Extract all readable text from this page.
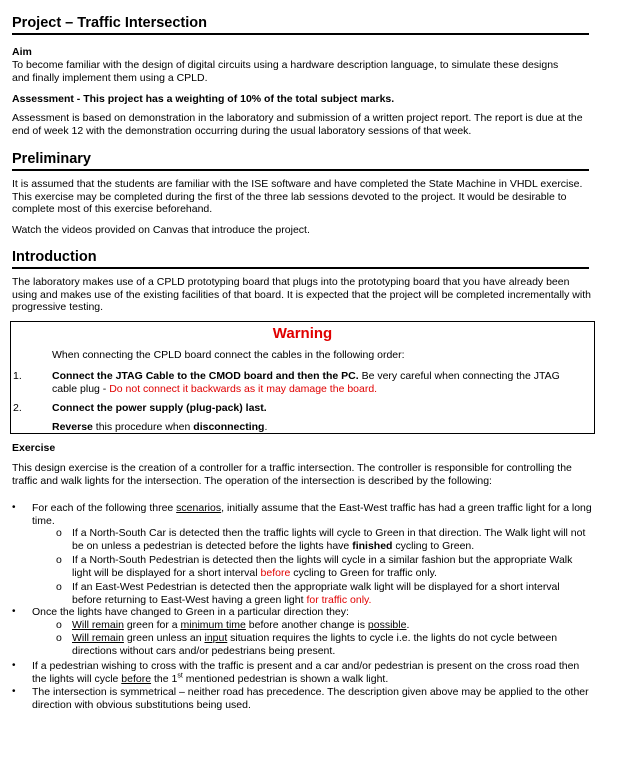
Project – Traffic Intersection
Aim
To become familiar with the design of digital circuits using a hardware description language, to simulate these designs and finally implement them using a CPLD.
Assessment - This project has a weighting of 10% of the total subject marks.
Assessment is based on demonstration in the laboratory and submission of a written project report. The report is due at the end of week 12 with the demonstration occurring during the usual laboratory sessions of that week.
Preliminary
It is assumed that the students are familiar with the ISE software and have completed the State Machine in VHDL exercise. This exercise may be completed during the first of the three lab sessions devoted to the project. It would be desirable to complete most of this exercise beforehand.
Watch the videos provided on Canvas that introduce the project.
Introduction
The laboratory makes use of a CPLD prototyping board that plugs into the prototyping board that you have already been using and makes use of the existing facilities of that board. It is expected that the project will be completed incrementally with progressive testing.
Warning
When connecting the CPLD board connect the cables in the following order:
1.	Connect the JTAG Cable to the CMOD board and then the PC. Be very careful when connecting the JTAG cable plug - Do not connect it backwards as it may damage the board.
2.	Connect the power supply (plug-pack) last.
Reverse this procedure when disconnecting.
Exercise
This design exercise is the creation of a controller for a traffic intersection. The controller is responsible for controlling the traffic and walk lights for the intersection. The operation of the intersection is described by the following:
• For each of the following three scenarios, initially assume that the East-West traffic has had a green traffic light for a long time.
o If a North-South Car is detected then the traffic lights will cycle to Green in that direction. The Walk light will not be on unless a pedestrian is detected before the lights have finished cycling to Green.
o If a North-South Pedestrian is detected then the lights will cycle in a similar fashion but the appropriate Walk light will be displayed for a short interval before cycling to Green for traffic only.
o If an East-West Pedestrian is detected then the appropriate walk light will be displayed for a short interval before returning to East-West having a green light for traffic only.
• Once the lights have changed to Green in a particular direction they:
o Will remain green for a minimum time before another change is possible.
o Will remain green unless an input situation requires the lights to cycle i.e. the lights do not cycle between directions without cars and/or pedestrians being present.
• If a pedestrian wishing to cross with the traffic is present and a car and/or pedestrian is present on the cross road then the lights will cycle before the 1st mentioned pedestrian is shown a walk light.
• The intersection is symmetrical – neither road has precedence. The description given above may be applied to the other direction with obvious substitutions being used.
